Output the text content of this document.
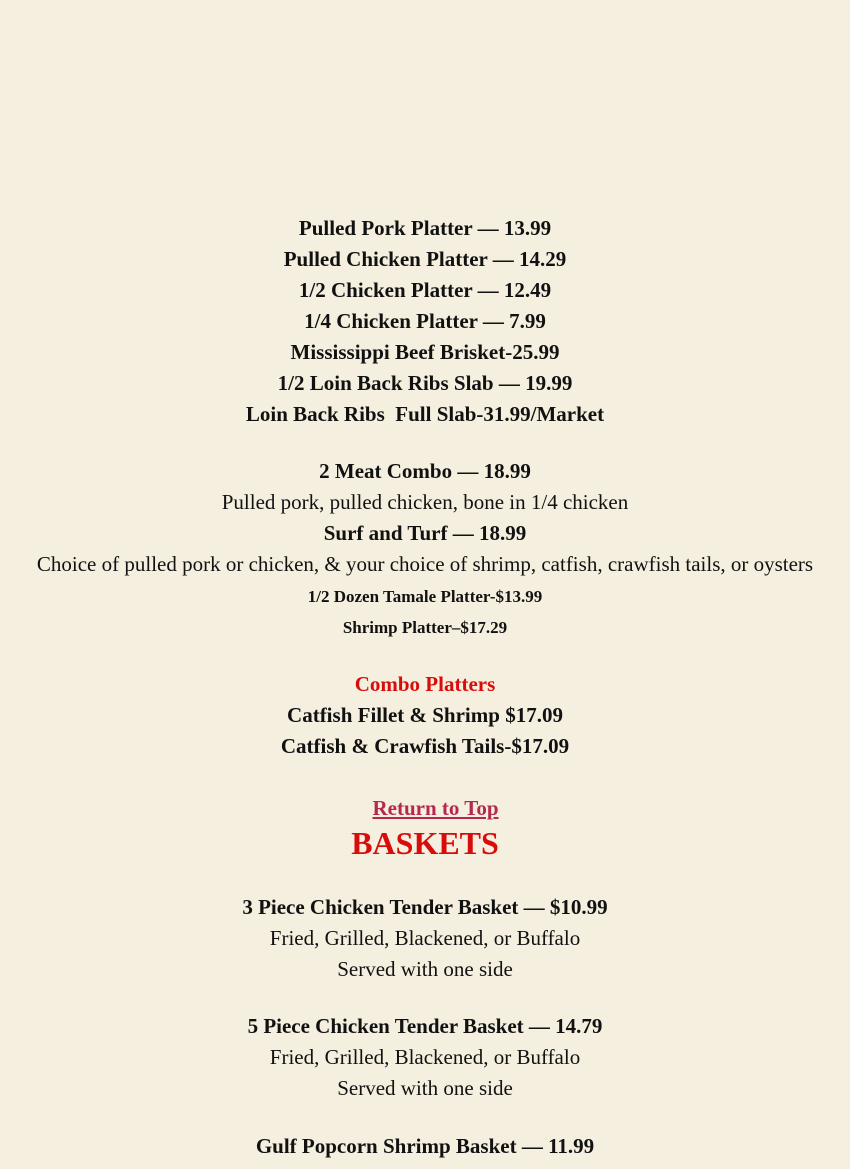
Pulled Pork Platter — 13.99
Pulled Chicken Platter — 14.29
1/2 Chicken Platter — 12.49
1/4 Chicken Platter — 7.99
Mississippi Beef Brisket-25.99
1/2 Loin Back Ribs Slab — 19.99
Loin Back Ribs  Full Slab-31.99/Market
2 Meat Combo — 18.99
Pulled pork, pulled chicken, bone in 1/4 chicken
Surf and Turf — 18.99
Choice of pulled pork or chicken, & your choice of shrimp, catfish, crawfish tails, or oysters
1/2 Dozen Tamale Platter-$13.99
Shrimp Platter–$17.29
Combo Platters
Catfish Fillet & Shrimp $17.09
Catfish & Crawfish Tails-$17.09

Return to Top

BASKETS
3 Piece Chicken Tender Basket — $10.99
Fried, Grilled, Blackened, or Buffalo
Served with one side
5 Piece Chicken Tender Basket — 14.79
Fried, Grilled, Blackened, or Buffalo
Served with one side
Gulf Popcorn Shrimp Basket — 11.99
